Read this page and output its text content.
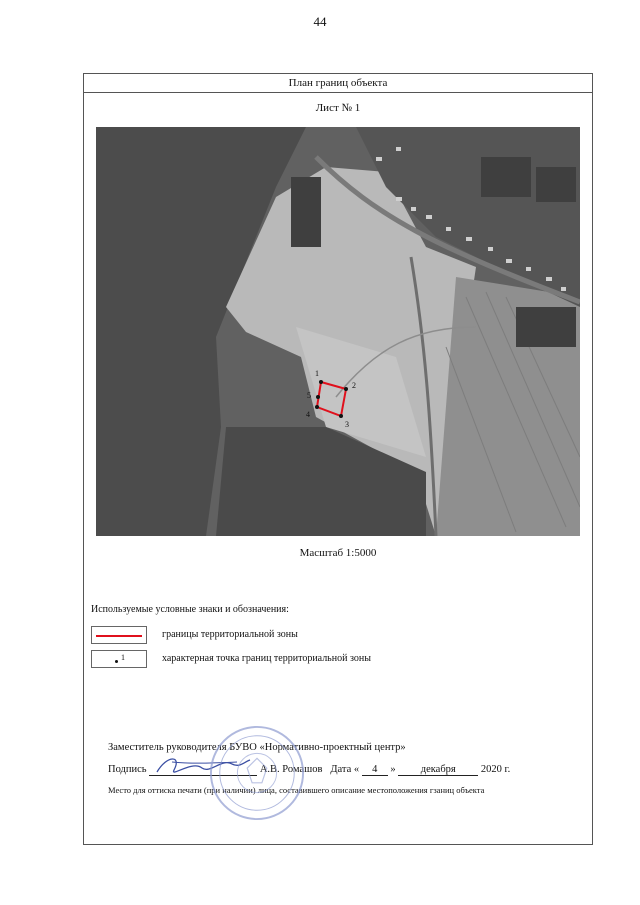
44
План границ объекта
Лист № 1
1
2
3
4
5
Масштаб 1:5000
Используемые условные знаки и обозначения:
границы территориальной зоны
1	характерная точка границ территориальной зоны
Заместитель руководителя БУВО «Нормативно-проектный центр»
Подпись	А.В. Ромашов Дата « 4 » декабря 2020 г.
Место для оттиска печати (при наличии) лица, составившего описание местоположения гзаниц объекта
